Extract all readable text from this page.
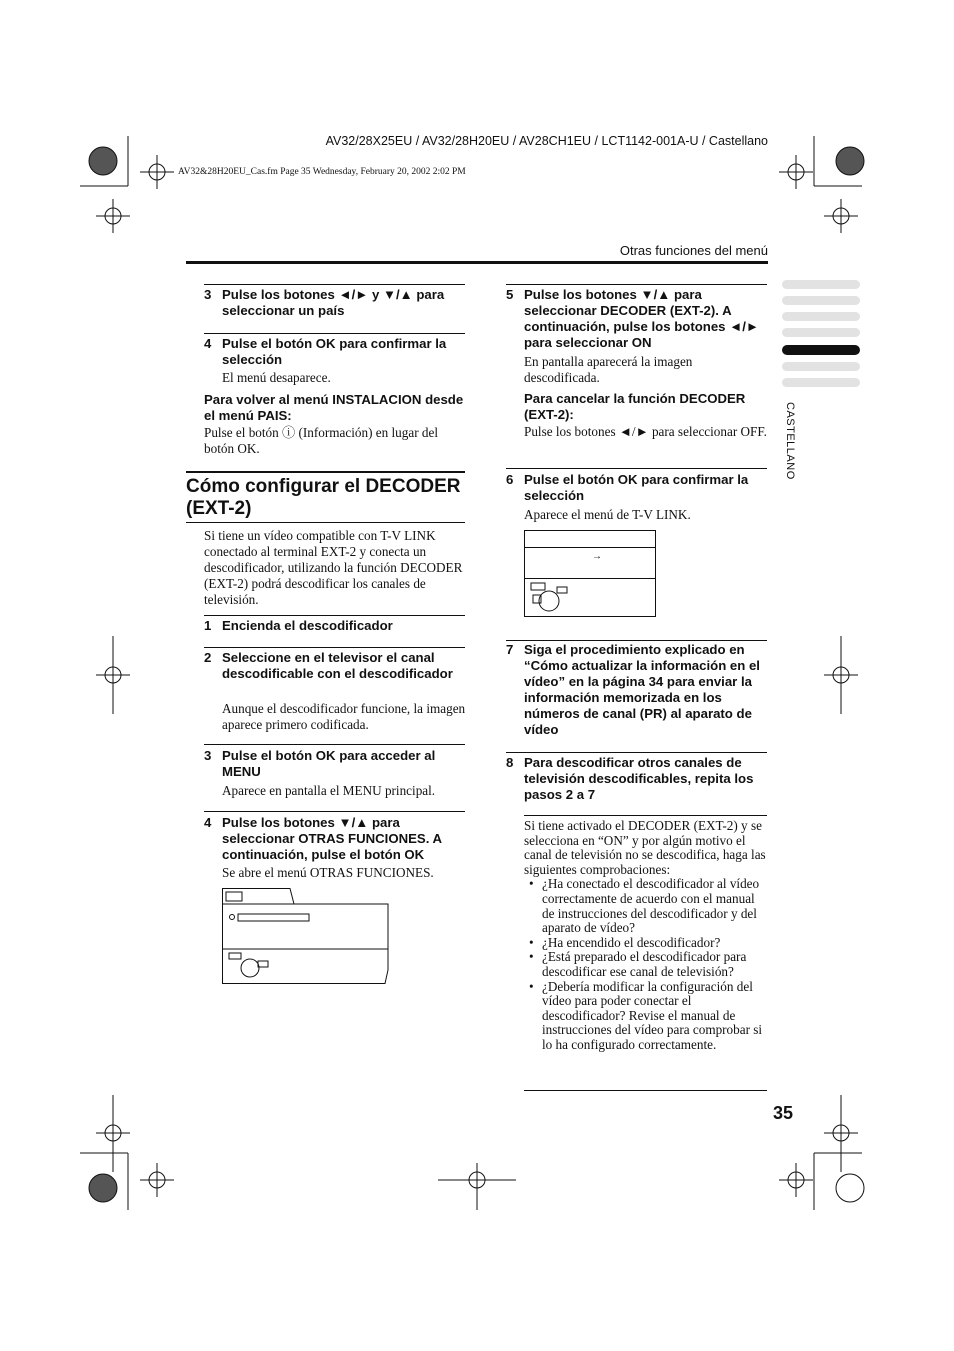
AV32/28X25EU / AV32/28H20EU / AV28CH1EU / LCT1142-001A-U / Castellano
AV32&28H20EU_Cas.fm Page 35 Wednesday, February 20, 2002 2:02 PM
Otras funciones del menú
CASTELLANO
3 Pulse los botones ◄/► y ▼/▲ para seleccionar un país
4 Pulse el botón OK para confirmar la selección
El menú desaparece.
Para volver al menú INSTALACION desde el menú PAIS:
Pulse el botón ⓘ (Información) en lugar del botón OK.
Cómo configurar el DECODER (EXT-2)
Si tiene un vídeo compatible con T-V LINK conectado al terminal EXT-2 y conecta un descodificador, utilizando la función DECODER (EXT-2) podrá descodificar los canales de televisión.
1 Encienda el descodificador
2 Seleccione en el televisor el canal descodificable con el descodificador
Aunque el descodificador funcione, la imagen aparece primero codificada.
3 Pulse el botón OK para acceder al MENU
Aparece en pantalla el MENU principal.
4 Pulse los botones ▼/▲ para seleccionar OTRAS FUNCIONES. A continuación, pulse el botón OK
Se abre el menú OTRAS FUNCIONES.
5 Pulse los botones ▼/▲ para seleccionar DECODER (EXT-2). A continuación, pulse los botones ◄/► para seleccionar ON
En pantalla aparecerá la imagen descodificada.
Para cancelar la función DECODER (EXT-2):
Pulse los botones ◄/► para seleccionar OFF.
6 Pulse el botón OK para confirmar la selección
Aparece el menú de T-V LINK.
→
7 Siga el procedimiento explicado en “Cómo actualizar la información en el vídeo” en la página 34 para enviar la información memorizada en los números de canal (PR) al aparato de vídeo
8 Para descodificar otros canales de televisión descodificables, repita los pasos 2 a 7
Si tiene activado el DECODER (EXT-2) y se selecciona en “ON” y por algún motivo el canal de televisión no se descodifica, haga las siguientes comprobaciones:
• ¿Ha conectado el descodificador al vídeo correctamente de acuerdo con el manual de instrucciones del descodificador y del aparato de vídeo?
• ¿Ha encendido el descodificador?
• ¿Está preparado el descodificador para descodificar ese canal de televisión?
• ¿Debería modificar la configuración del vídeo para poder conectar el descodificador? Revise el manual de instrucciones del vídeo para comprobar si lo ha configurado correctamente.
35
